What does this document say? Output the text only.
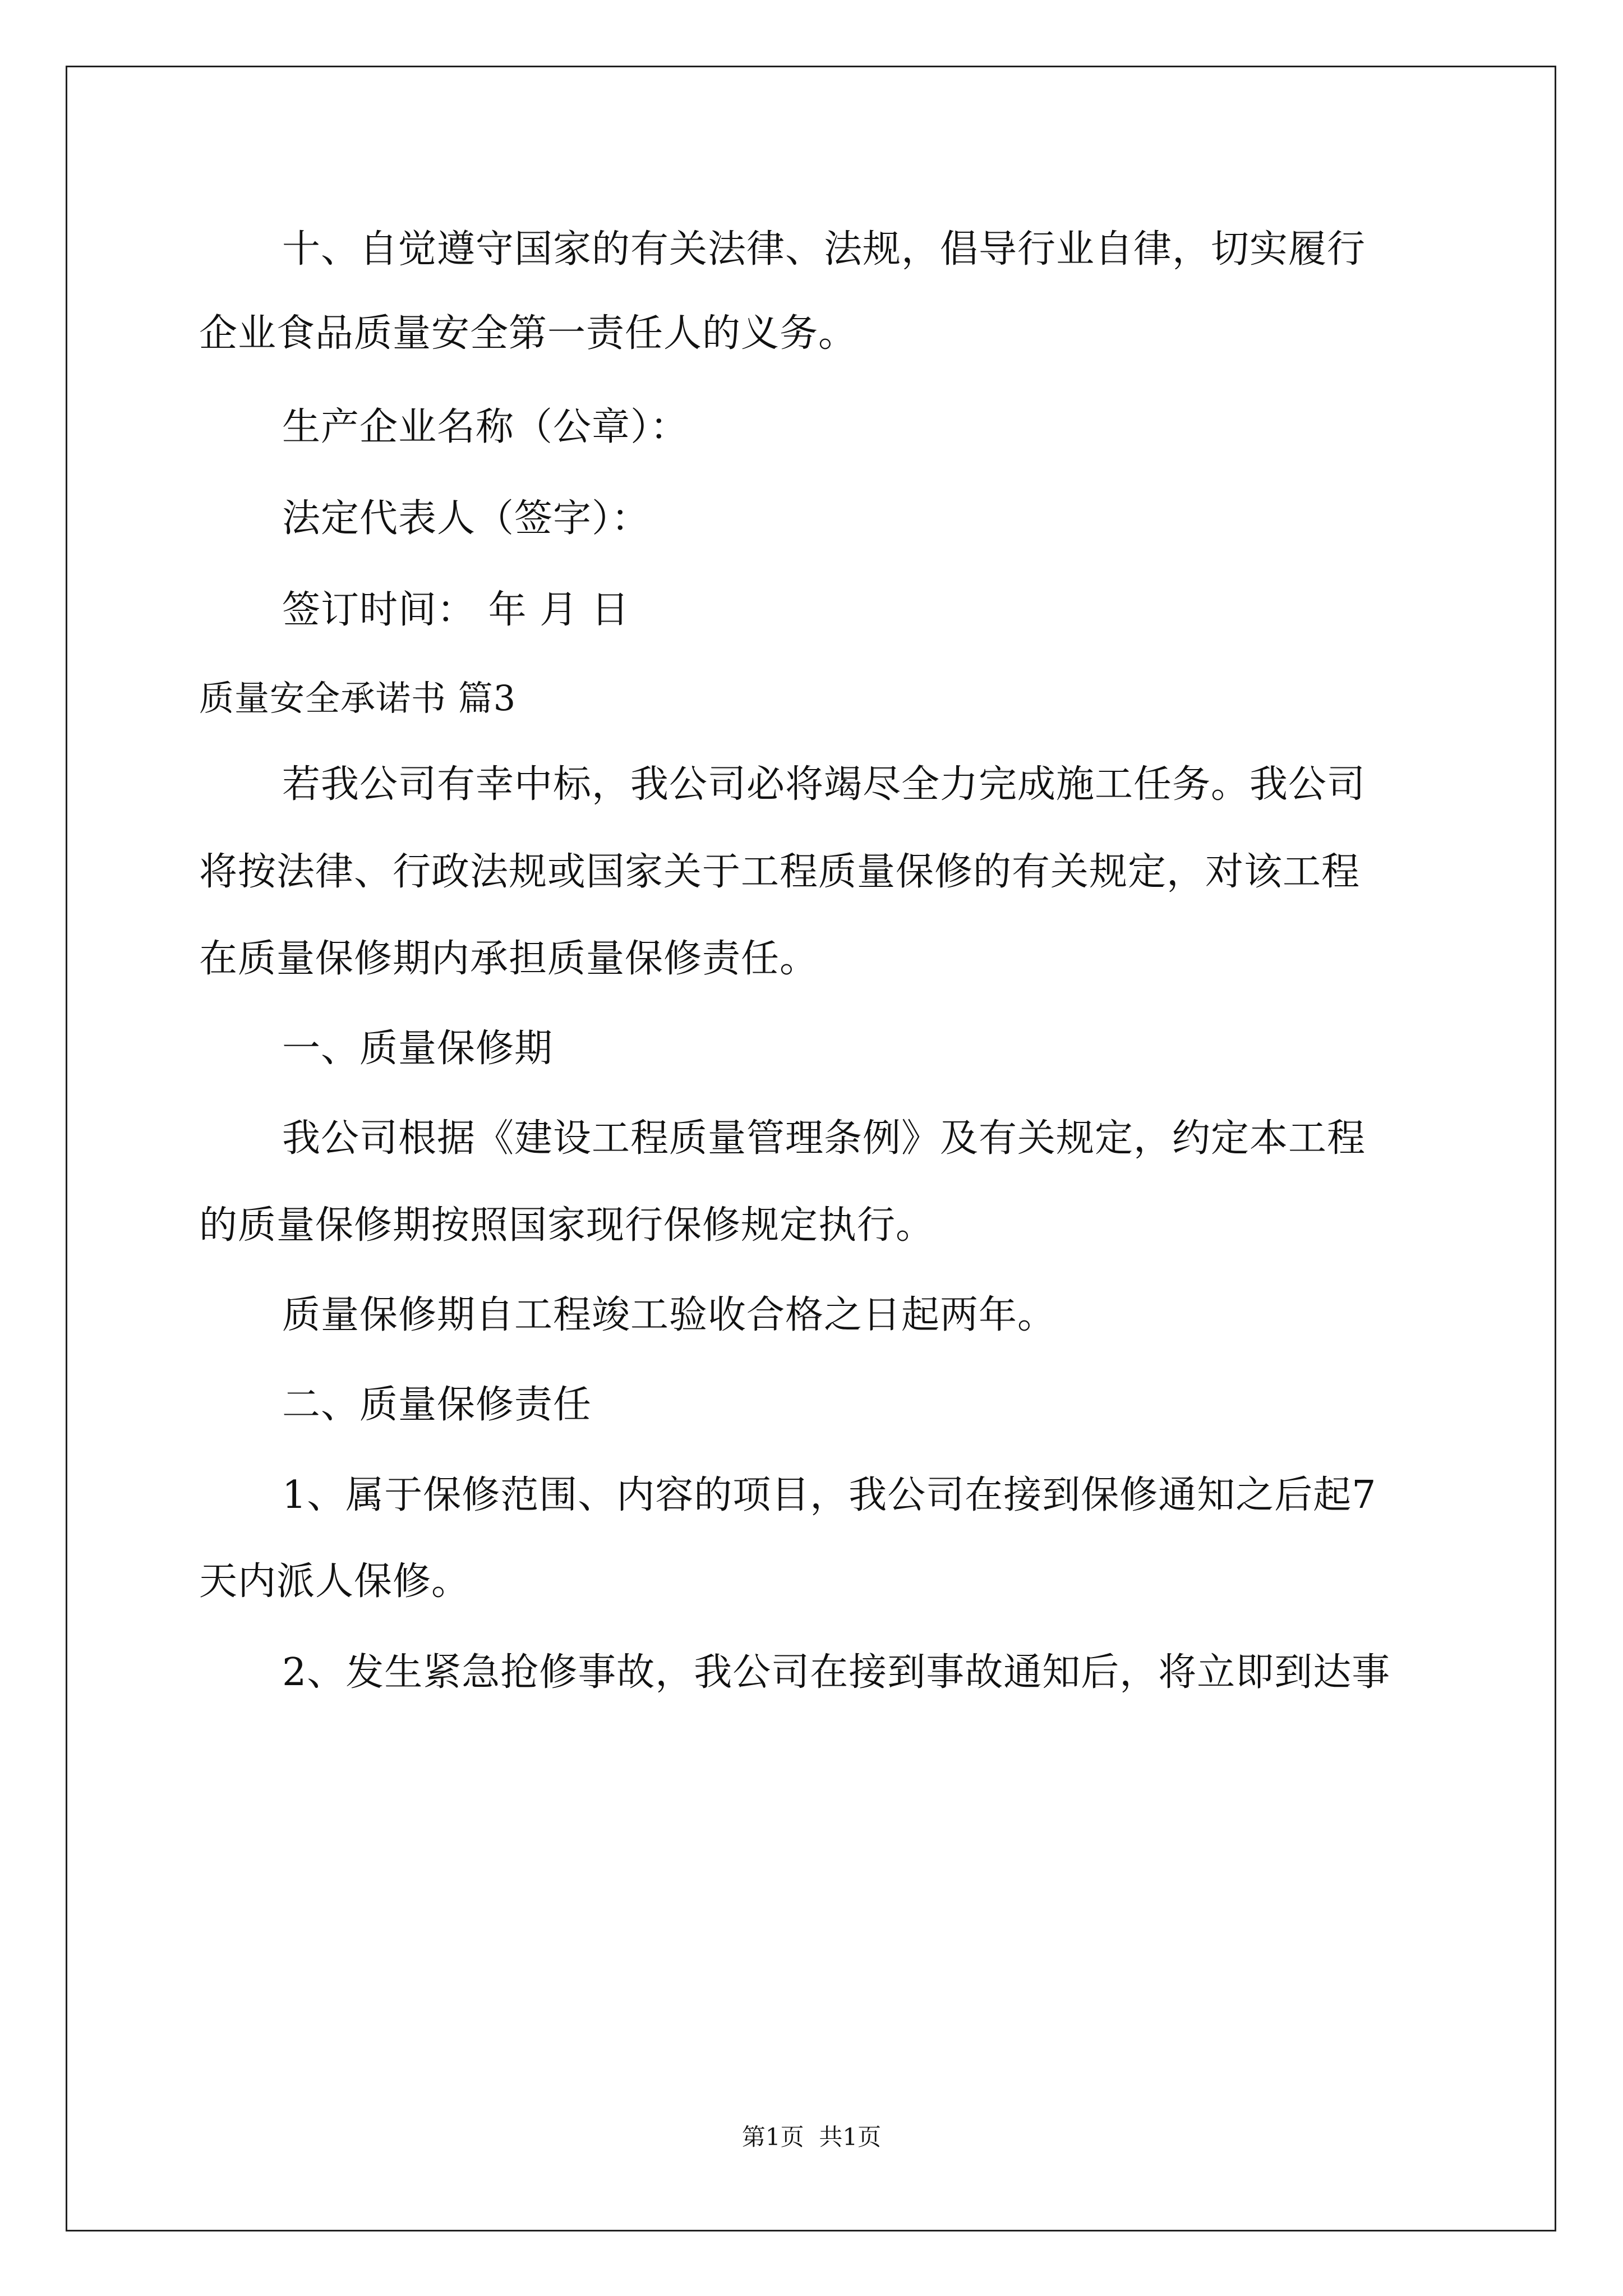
十、自觉遵守国家的有关法律、法规，倡导行业自律，切实履行
企业食品质量安全第一责任人的义务。
生产企业名称（公章）：
法定代表人（签字）：
签订时间： 年 月 日
质量安全承诺书 篇3
若我公司有幸中标，我公司必将竭尽全力完成施工任务。我公司
将按法律、行政法规或国家关于工程质量保修的有关规定，对该工程
在质量保修期内承担质量保修责任。
一、质量保修期
我公司根据《建设工程质量管理条例》及有关规定，约定本工程
的质量保修期按照国家现行保修规定执行。
质量保修期自工程竣工验收合格之日起两年。
二、质量保修责任
1、属于保修范围、内容的项目，我公司在接到保修通知之后起7
天内派人保修。
2、发生紧急抢修事故，我公司在接到事故通知后，将立即到达事
第1页  共1页
